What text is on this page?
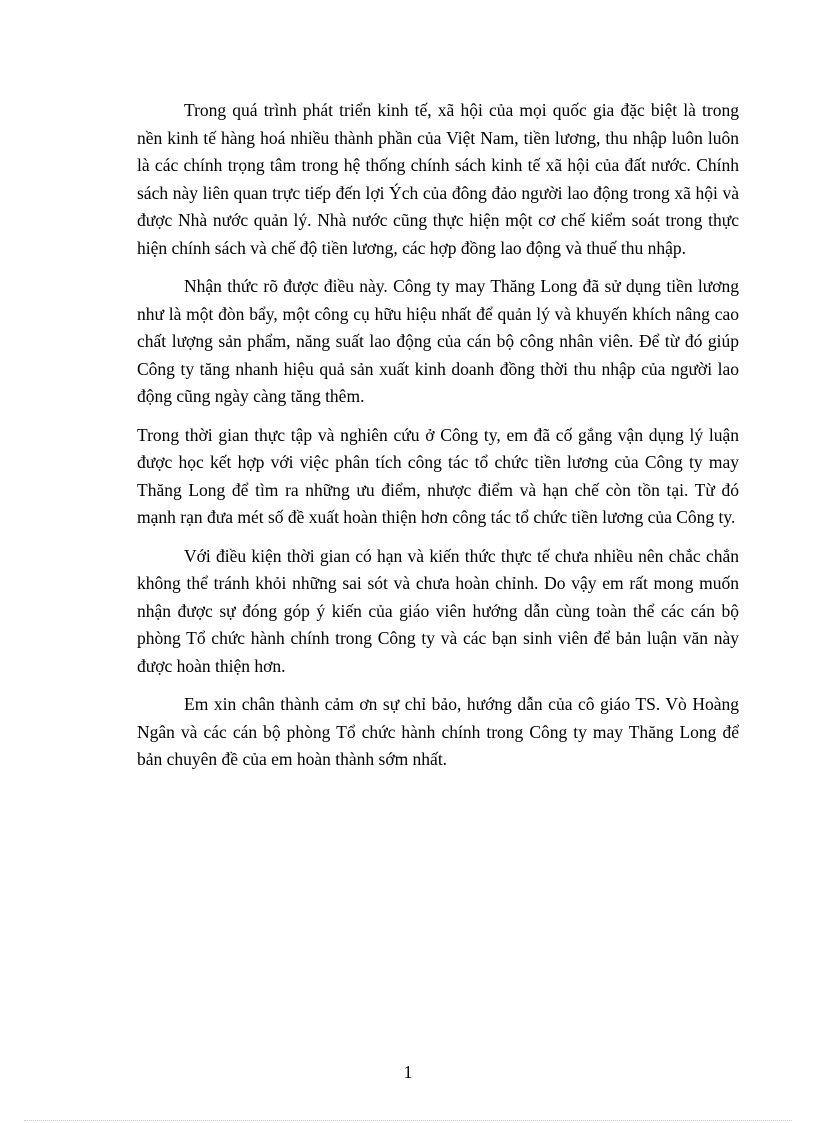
Trong quá trình phát triển kinh tế, xã hội của mọi quốc gia đặc biệt là trong nền kinh tế hàng hoá nhiều thành phần của Việt Nam, tiền lương, thu nhập luôn luôn là các chính trọng tâm trong hệ thống chính sách kinh tế xã hội của đất nước. Chính sách này liên quan trực tiếp đến lợi Ých của đông đảo người lao động trong xã hội và được Nhà nước quản lý. Nhà nước cũng thực hiện một cơ chế kiểm soát trong thực hiện chính sách và chế độ tiền lương, các hợp đồng lao động và thuế thu nhập.

Nhận thức rõ được điều này. Công ty may Thăng Long đã sử dụng tiền lương như là một đòn bẩy, một công cụ hữu hiệu nhất để quản lý và khuyến khích nâng cao chất lượng sản phẩm, năng suất lao động của cán bộ công nhân viên. Để từ đó giúp Công ty tăng nhanh hiệu quả sản xuất kinh doanh đồng thời thu nhập của người lao động cũng ngày càng tăng thêm.

Trong thời gian thực tập và nghiên cứu ở Công ty, em đã cố gắng vận dụng lý luận được học kết hợp với việc phân tích công tác tổ chức tiền lương của Công ty may Thăng Long để tìm ra những ưu điểm, nhược điểm và hạn chế còn tồn tại. Từ đó mạnh rạn đưa mét số đề xuất hoàn thiện hơn công tác tổ chức tiền lương của Công ty.

Với điều kiện thời gian có hạn và kiến thức thực tế chưa nhiều nên chắc chắn không thể tránh khỏi những sai sót và chưa hoàn chỉnh. Do vậy em rất mong muốn nhận được sự đóng góp ý kiến của giáo viên hướng dẫn cùng toàn thể các cán bộ phòng Tổ chức hành chính trong Công ty và các bạn sinh viên để bản luận văn này được hoàn thiện hơn.

Em xin chân thành cảm ơn sự chỉ bảo, hướng dẫn của cô giáo TS. Vò Hoàng Ngân và các cán bộ phòng Tổ chức hành chính trong Công ty may Thăng Long để bản chuyên đề của em hoàn thành sớm nhất.

1
